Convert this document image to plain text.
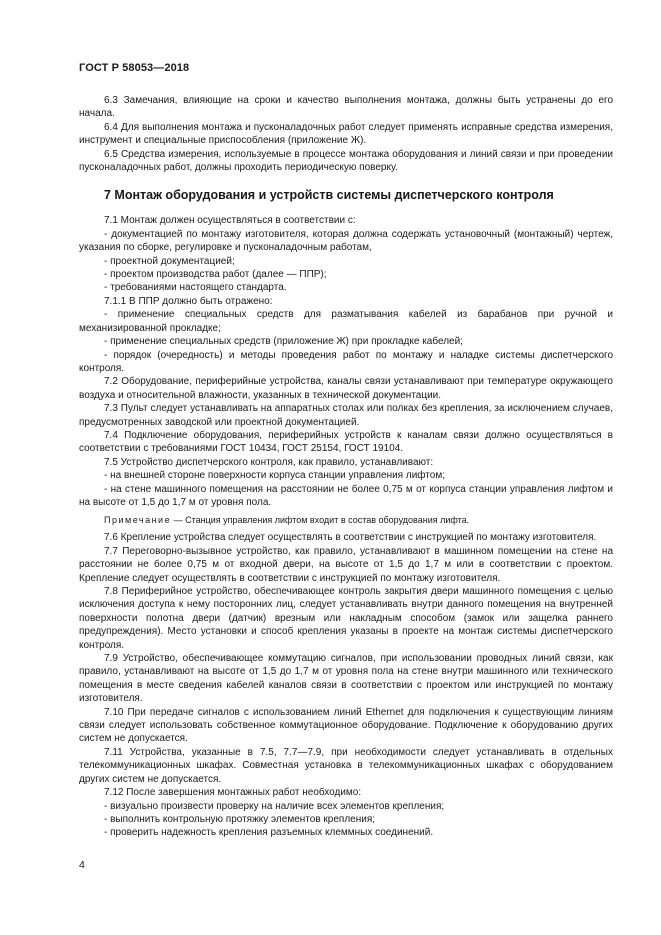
ГОСТ Р 58053—2018

6.3 Замечания, влияющие на сроки и качество выполнения монтажа, должны быть устранены до его начала.

6.4 Для выполнения монтажа и пусконаладочных работ следует применять исправные средства измерения, инструмент и специальные приспособления (приложение Ж).

6.5 Средства измерения, используемые в процессе монтажа оборудования и линий связи и при проведении пусконаладочных работ, должны проходить периодическую поверку.

7 Монтаж оборудования и устройств системы диспетчерского контроля

7.1 Монтаж должен осуществляться в соответствии с:

- документацией по монтажу изготовителя, которая должна содержать установочный (монтажный) чертеж, указания по сборке, регулировке и пусконаладочным работам,

- проектной документацией;

- проектом производства работ (далее — ППР);

- требованиями настоящего стандарта.

7.1.1 В ППР должно быть отражено:

- применение специальных средств для разматывания кабелей из барабанов при ручной и механизированной прокладке;

- применение специальных средств (приложение Ж) при прокладке кабелей;

- порядок (очередность) и методы проведения работ по монтажу и наладке системы диспетчерского контроля.

7.2 Оборудование, периферийные устройства, каналы связи устанавливают при температуре окружающего воздуха и относительной влажности, указанных в технической документации.

7.3 Пульт следует устанавливать на аппаратных столах или полках без крепления, за исключением случаев, предусмотренных заводской или проектной документацией.

7.4 Подключение оборудования, периферийных устройств к каналам связи должно осуществляться в соответствии с требованиями ГОСТ 10434, ГОСТ 25154, ГОСТ 19104.

7.5 Устройство диспетчерского контроля, как правило, устанавливают:

- на внешней стороне поверхности корпуса станции управления лифтом;

- на стене машинного помещения на расстоянии не более 0,75 м от корпуса станции управления лифтом и на высоте от 1,5 до 1,7 м от уровня пола.

Примечание — Станция управления лифтом входит в состав оборудования лифта.

7.6 Крепление устройства следует осуществлять в соответствии с инструкцией по монтажу изготовителя.

7.7 Переговорно-вызывное устройство, как правило, устанавливают в машинном помещении на стене на расстоянии не более 0,75 м от входной двери, на высоте от 1,5 до 1,7 м или в соответствии с проектом. Крепление следует осуществлять в соответствии с инструкцией по монтажу изготовителя.

7.8 Периферийное устройство, обеспечивающее контроль закрытия двери машинного помещения с целью исключения доступа к нему посторонних лиц, следует устанавливать внутри данного помещения на внутренней поверхности полотна двери (датчик) врезным или накладным способом (замок или защелка раннего предупреждения). Место установки и способ крепления указаны в проекте на монтаж системы диспетчерского контроля.

7.9 Устройство, обеспечивающее коммутацию сигналов, при использовании проводных линий связи, как правило, устанавливают на высоте от 1,5 до 1,7 м от уровня пола на стене внутри машинного или технического помещения в месте сведения кабелей каналов связи в соответствии с проектом или инструкцией по монтажу изготовителя.

7.10 При передаче сигналов с использованием линий Ethernet для подключения к существующим линиям связи следует использовать собственное коммутационное оборудование. Подключение к оборудованию других систем не допускается.

7.11 Устройства, указанные в 7.5, 7.7—7.9, при необходимости следует устанавливать в отдельных телекоммуникационных шкафах. Совместная установка в телекоммуникационных шкафах с оборудованием других систем не допускается.

7.12 После завершения монтажных работ необходимо:

- визуально произвести проверку на наличие всех элементов крепления;

- выполнить контрольную протяжку элементов крепления;

- проверить надежность крепления разъемных клеммных соединений.

4
